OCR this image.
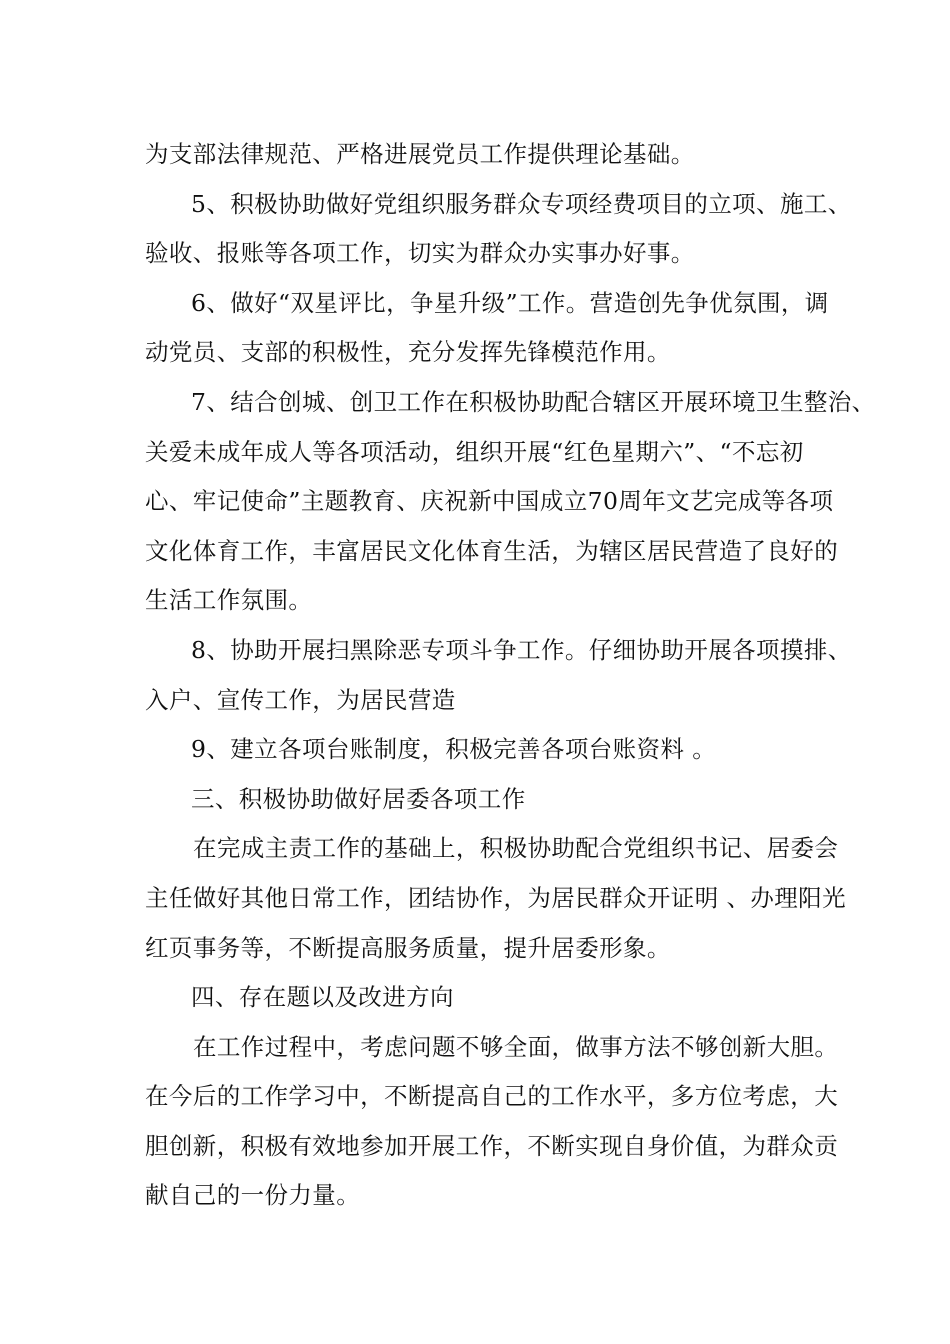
为支部法律规范、严格进展党员工作提供理论基础。
5、积极协助做好党组织服务群众专项经费项目的立项、施工、
验收、报账等各项工作，切实为群众办实事办好事。
6、做好“双星评比，争星升级”工作。营造创先争优氛围，调
动党员、支部的积极性，充分发挥先锋模范作用。
7、结合创城、创卫工作在积极协助配合辖区开展环境卫生整治、
关爱未成年成人等各项活动，组织开展“红色星期六”、“不忘初
心、牢记使命”主题教育、庆祝新中国成立70周年文艺完成等各项
文化体育工作，丰富居民文化体育生活，为辖区居民营造了良好的
生活工作氛围。
8、协助开展扫黑除恶专项斗争工作。仔细协助开展各项摸排、
入户、宣传工作，为居民营造
9、建立各项台账制度，积极完善各项台账资料 。
三、积极协助做好居委各项工作
在完成主责工作的基础上，积极协助配合党组织书记、居委会
主任做好其他日常工作，团结协作，为居民群众开证明 、办理阳光
红页事务等，不断提高服务质量，提升居委形象。
四、存在题以及改进方向
在工作过程中，考虑问题不够全面，做事方法不够创新大胆。
在今后的工作学习中，不断提高自己的工作水平，多方位考虑，大
胆创新，积极有效地参加开展工作，不断实现自身价值，为群众贡
献自己的一份力量。
